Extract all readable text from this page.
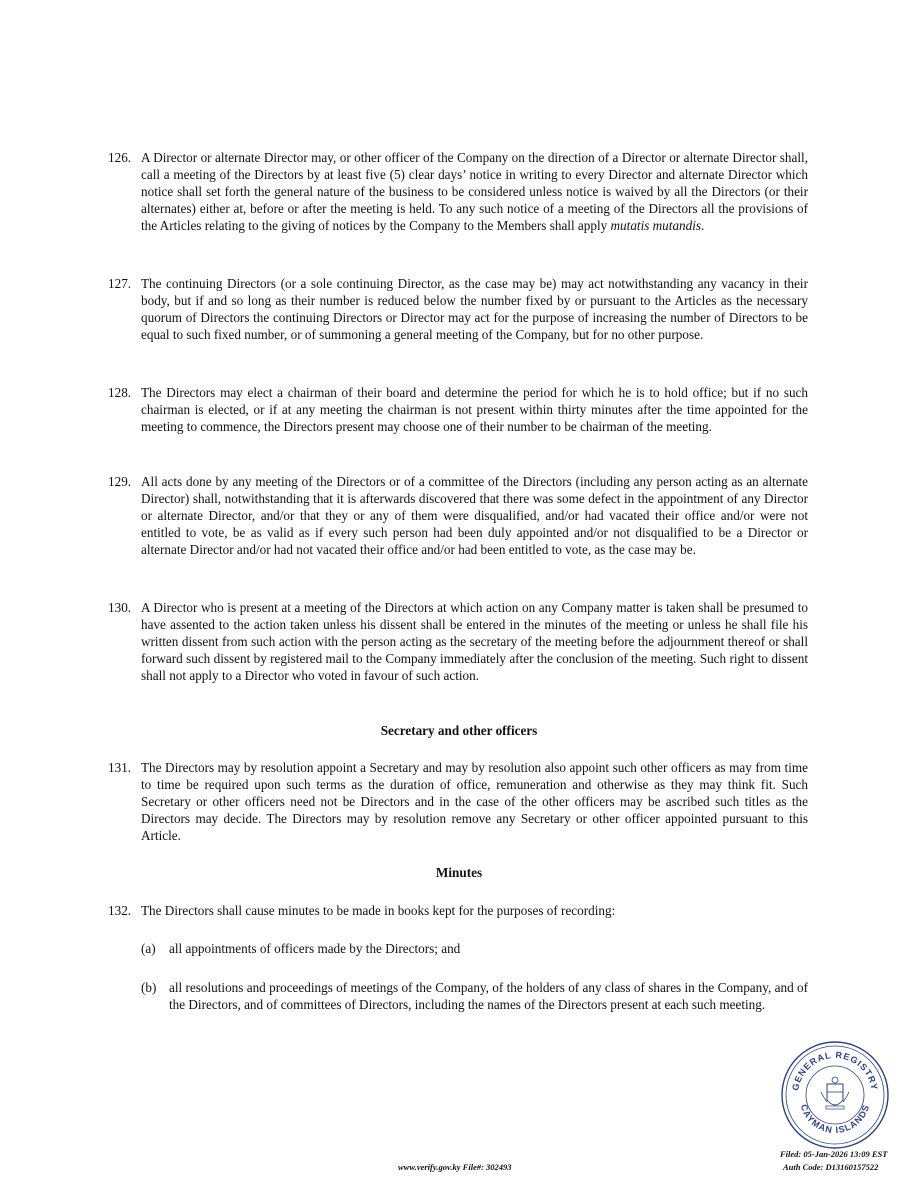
126. A Director or alternate Director may, or other officer of the Company on the direction of a Director or alternate Director shall, call a meeting of the Directors by at least five (5) clear days’ notice in writing to every Director and alternate Director which notice shall set forth the general nature of the business to be considered unless notice is waived by all the Directors (or their alternates) either at, before or after the meeting is held. To any such notice of a meeting of the Directors all the provisions of the Articles relating to the giving of notices by the Company to the Members shall apply mutatis mutandis.
127. The continuing Directors (or a sole continuing Director, as the case may be) may act notwithstanding any vacancy in their body, but if and so long as their number is reduced below the number fixed by or pursuant to the Articles as the necessary quorum of Directors the continuing Directors or Director may act for the purpose of increasing the number of Directors to be equal to such fixed number, or of summoning a general meeting of the Company, but for no other purpose.
128. The Directors may elect a chairman of their board and determine the period for which he is to hold office; but if no such chairman is elected, or if at any meeting the chairman is not present within thirty minutes after the time appointed for the meeting to commence, the Directors present may choose one of their number to be chairman of the meeting.
129. All acts done by any meeting of the Directors or of a committee of the Directors (including any person acting as an alternate Director) shall, notwithstanding that it is afterwards discovered that there was some defect in the appointment of any Director or alternate Director, and/or that they or any of them were disqualified, and/or had vacated their office and/or were not entitled to vote, be as valid as if every such person had been duly appointed and/or not disqualified to be a Director or alternate Director and/or had not vacated their office and/or had been entitled to vote, as the case may be.
130. A Director who is present at a meeting of the Directors at which action on any Company matter is taken shall be presumed to have assented to the action taken unless his dissent shall be entered in the minutes of the meeting or unless he shall file his written dissent from such action with the person acting as the secretary of the meeting before the adjournment thereof or shall forward such dissent by registered mail to the Company immediately after the conclusion of the meeting. Such right to dissent shall not apply to a Director who voted in favour of such action.
Secretary and other officers
131. The Directors may by resolution appoint a Secretary and may by resolution also appoint such other officers as may from time to time be required upon such terms as the duration of office, remuneration and otherwise as they may think fit. Such Secretary or other officers need not be Directors and in the case of the other officers may be ascribed such titles as the Directors may decide. The Directors may by resolution remove any Secretary or other officer appointed pursuant to this Article.
Minutes
132. The Directors shall cause minutes to be made in books kept for the purposes of recording:
(a) all appointments of officers made by the Directors; and
(b) all resolutions and proceedings of meetings of the Company, of the holders of any class of shares in the Company, and of the Directors, and of committees of Directors, including the names of the Directors present at each such meeting.
GENERAL REGISTRY
CAYMAN ISLANDS
www.verify.gov.ky File#: 302493
Filed: 05-Jan-2026 13:09 EST
Auth Code: D13160157522
